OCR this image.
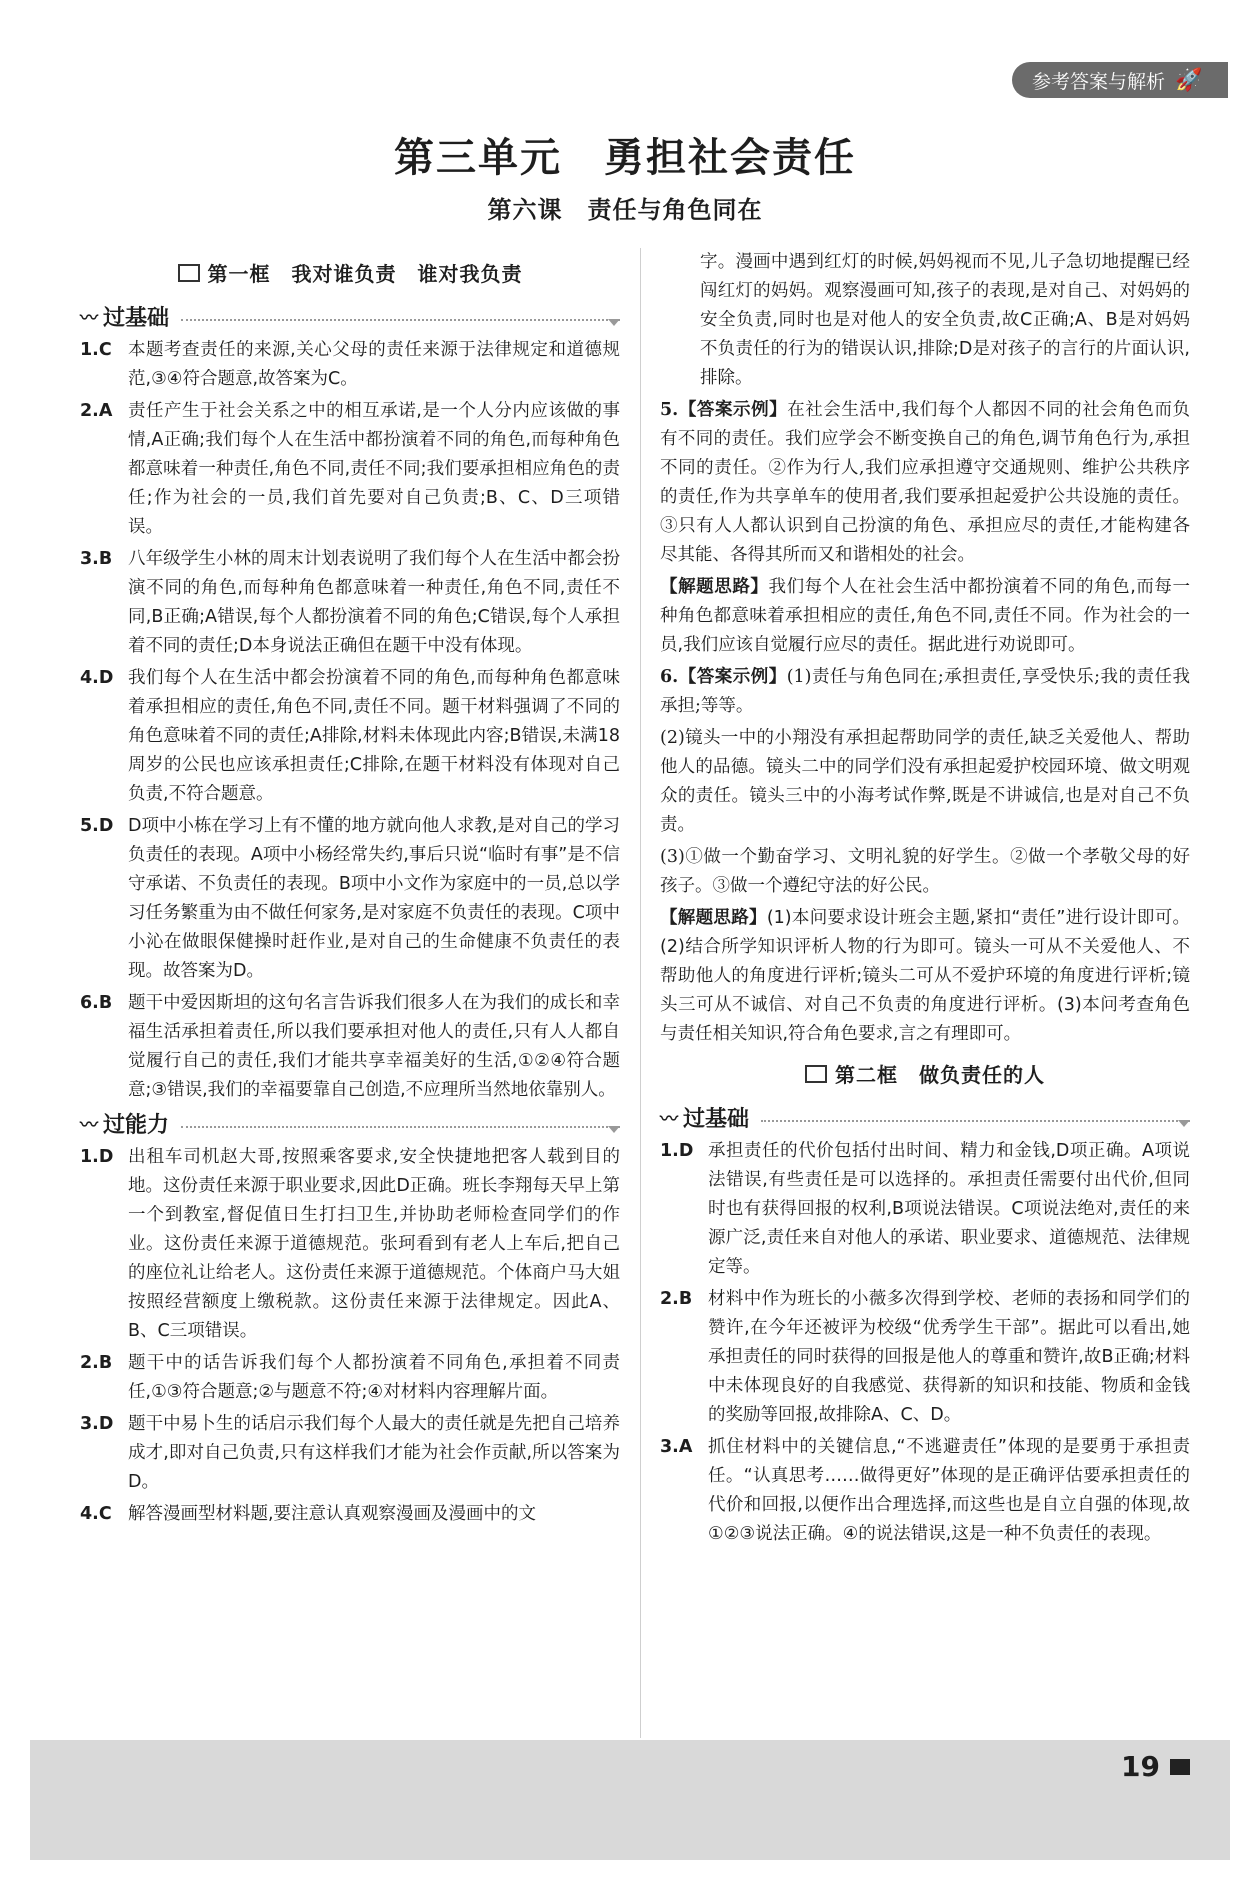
参考答案与解析 🚀
第三单元　勇担社会责任
第六课　责任与角色同在
第一框　我对谁负责　谁对我负责
〰 过基础
1.C 本题考查责任的来源,关心父母的责任来源于法律规定和道德规范,③④符合题意,故答案为C。
2.A 责任产生于社会关系之中的相互承诺,是一个人分内应该做的事情,A正确;我们每个人在生活中都扮演着不同的角色,而每种角色都意味着一种责任,角色不同,责任不同;我们要承担相应角色的责任;作为社会的一员,我们首先要对自己负责;B、C、D三项错误。
3.B 八年级学生小林的周末计划表说明了我们每个人在生活中都会扮演不同的角色,而每种角色都意味着一种责任,角色不同,责任不同,B正确;A错误,每个人都扮演着不同的角色;C错误,每个人承担着不同的责任;D本身说法正确但在题干中没有体现。
4.D 我们每个人在生活中都会扮演着不同的角色,而每种角色都意味着承担相应的责任,角色不同,责任不同。题干材料强调了不同的角色意味着不同的责任;A排除,材料未体现此内容;B错误,未满18周岁的公民也应该承担责任;C排除,在题干材料没有体现对自己负责,不符合题意。
5.D D项中小栋在学习上有不懂的地方就向他人求教,是对自己的学习负责任的表现。A项中小杨经常失约,事后只说“临时有事”是不信守承诺、不负责任的表现。B项中小文作为家庭中的一员,总以学习任务繁重为由不做任何家务,是对家庭不负责任的表现。C项中小沁在做眼保健操时赶作业,是对自己的生命健康不负责任的表现。故答案为D。
6.B 题干中爱因斯坦的这句名言告诉我们很多人在为我们的成长和幸福生活承担着责任,所以我们要承担对他人的责任,只有人人都自觉履行自己的责任,我们才能共享幸福美好的生活,①②④符合题意;③错误,我们的幸福要靠自己创造,不应理所当然地依靠别人。
〰 过能力
1.D 出租车司机赵大哥,按照乘客要求,安全快捷地把客人载到目的地。这份责任来源于职业要求,因此D正确。班长李翔每天早上第一个到教室,督促值日生打扫卫生,并协助老师检查同学们的作业。这份责任来源于道德规范。张珂看到有老人上车后,把自己的座位礼让给老人。这份责任来源于道德规范。个体商户马大姐按照经营额度上缴税款。这份责任来源于法律规定。因此A、B、C三项错误。
2.B 题干中的话告诉我们每个人都扮演着不同角色,承担着不同责任,①③符合题意;②与题意不符;④对材料内容理解片面。
3.D 题干中易卜生的话启示我们每个人最大的责任就是先把自己培养成才,即对自己负责,只有这样我们才能为社会作贡献,所以答案为D。
4.C 解答漫画型材料题,要注意认真观察漫画及漫画中的文
字。漫画中遇到红灯的时候,妈妈视而不见,儿子急切地提醒已经闯红灯的妈妈。观察漫画可知,孩子的表现,是对自己、对妈妈的安全负责,同时也是对他人的安全负责,故C正确;A、B是对妈妈不负责任的行为的错误认识,排除;D是对孩子的言行的片面认识,排除。
5.【答案示例】在社会生活中,我们每个人都因不同的社会角色而负有不同的责任。我们应学会不断变换自己的角色,调节角色行为,承担不同的责任。②作为行人,我们应承担遵守交通规则、维护公共秩序的责任,作为共享单车的使用者,我们要承担起爱护公共设施的责任。③只有人人都认识到自己扮演的角色、承担应尽的责任,才能构建各尽其能、各得其所而又和谐相处的社会。
【解题思路】我们每个人在社会生活中都扮演着不同的角色,而每一种角色都意味着承担相应的责任,角色不同,责任不同。作为社会的一员,我们应该自觉履行应尽的责任。据此进行劝说即可。
6.【答案示例】(1)责任与角色同在;承担责任,享受快乐;我的责任我承担;等等。
(2)镜头一中的小翔没有承担起帮助同学的责任,缺乏关爱他人、帮助他人的品德。镜头二中的同学们没有承担起爱护校园环境、做文明观众的责任。镜头三中的小海考试作弊,既是不讲诚信,也是对自己不负责。
(3)①做一个勤奋学习、文明礼貌的好学生。②做一个孝敬父母的好孩子。③做一个遵纪守法的好公民。
【解题思路】(1)本问要求设计班会主题,紧扣“责任”进行设计即可。(2)结合所学知识评析人物的行为即可。镜头一可从不关爱他人、不帮助他人的角度进行评析;镜头二可从不爱护环境的角度进行评析;镜头三可从不诚信、对自己不负责的角度进行评析。(3)本问考查角色与责任相关知识,符合角色要求,言之有理即可。
第二框　做负责任的人
〰 过基础
1.D 承担责任的代价包括付出时间、精力和金钱,D项正确。A项说法错误,有些责任是可以选择的。承担责任需要付出代价,但同时也有获得回报的权利,B项说法错误。C项说法绝对,责任的来源广泛,责任来自对他人的承诺、职业要求、道德规范、法律规定等。
2.B 材料中作为班长的小薇多次得到学校、老师的表扬和同学们的赞许,在今年还被评为校级“优秀学生干部”。据此可以看出,她承担责任的同时获得的回报是他人的尊重和赞许,故B正确;材料中未体现良好的自我感觉、获得新的知识和技能、物质和金钱的奖励等回报,故排除A、C、D。
3.A 抓住材料中的关键信息,“不逃避责任”体现的是要勇于承担责任。“认真思考……做得更好”体现的是正确评估要承担责任的代价和回报,以便作出合理选择,而这些也是自立自强的体现,故①②③说法正确。④的说法错误,这是一种不负责任的表现。
19
